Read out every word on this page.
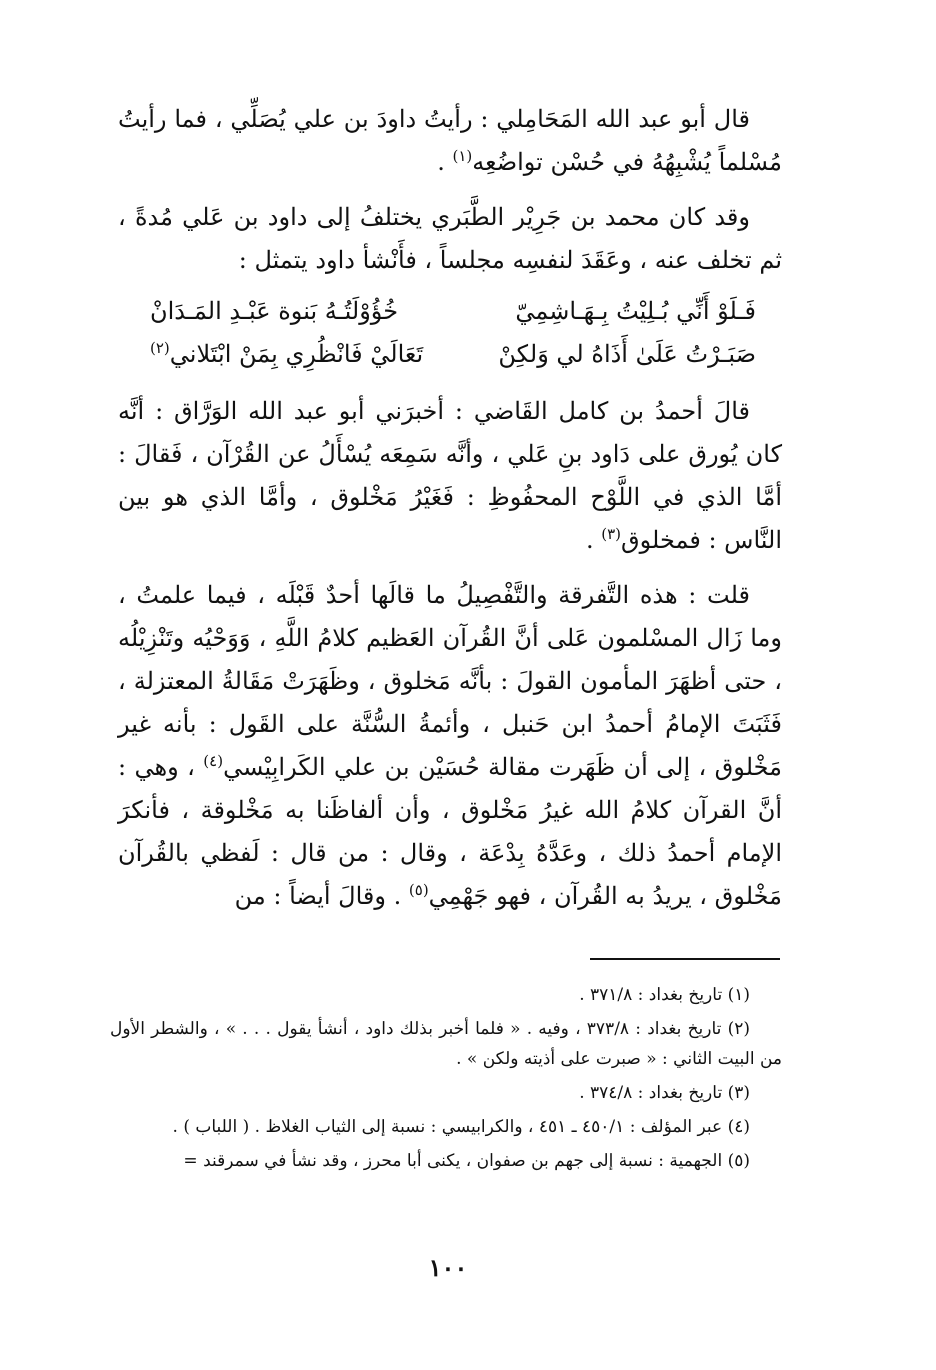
قال أبو عبد الله المَحَامِلي : رأيتُ داودَ بن علي يُصَلِّي ، فما رأيتُ مُسْلماً يُشْبِهُهُ في حُسْن تواضُعِه$^{(١)}$ .

وقد كان محمد بن جَرِيْر الطَّبَري يختلفُ إلى داود بن عَلي مُدةً ، ثم تخلف عنه ، وعَقَدَ لنفسِه مجلساً ، فأَنْشأ داود يتمثل :

فَـلَوْ أَنِّي بُـلِيْتُ بِـهَـاشِمِيّ
خُؤُوْلَتُـهُ بَنوة عَبْـدِ المَـدَانْ
صَبَـرْتُ عَلَىٰ أَذَاهُ لي وَلكِنْ
تَعَالَيْ فَانْظُرِي بِمَنْ ابْتَلاني$^{(٢)}$

قالَ أحمدُ بن كامل القَاضي : أخبرَني أبو عبد الله الوَرَّاق : أنَّه كان يُورق على دَاود بنِ عَلي ، وأنَّه سَمِعَه يُسْأَلُ عن القُرْآن ، فَقالَ : أمَّا الذي في اللَّوْح المحفُوظِ : فَغَيْرُ مَخْلوق ، وأمَّا الذي هو بين النَّاس : فمخلوق$^{(٣)}$ .

قلت : هذه التَّفرقة والتَّفْصِيلُ ما قالَها أحدٌ قَبْلَه ، فيما علمتُ ، وما زَال المسْلمون عَلى أنَّ القُرآن العَظيم كلامُ اللَّهِ ، وَوَحْيُه وتَنْزِيْلُه ، حتى أظهَرَ المأمون القولَ : بأنَّه مَخلوق ، وظَهَرَتْ مَقَالةُ المعتزلة ، فَثَبَتَ الإمامُ أحمدُ ابن حَنبل ، وأئمةُ السُّنَّة على القَول : بأنه غير مَخْلوق ، إلى أن ظَهَرت مقالة حُسَيْن بن علي الكَرابِيْسي$^{(٤)}$ ، وهي : أنَّ القرآن كلامُ الله غيرُ مَخْلوق ، وأن ألفاظَنا به مَخْلوقة ، فأنكرَ الإمام أحمدُ ذلك ، وعَدَّهُ بِدْعَة ، وقال : من قال : لَفظي بالقُرآن مَخْلوق ، يريدُ به القُرآن ، فهو جَهْمِي$^{(٥)}$ . وقالَ أيضاً : من

(١) تاريخ بغداد : ٣٧١/٨ .

(٢) تاريخ بغداد : ٣٧٣/٨ ، وفيه . « فلما أخبر بذلك داود ، أنشأ يقول . . . » ، والشطر الأول من البيت الثاني : « صبرت على أذيته ولكن » .

(٣) تاريخ بغداد : ٣٧٤/٨ .

(٤) عبر المؤلف : ٤٥٠/١ ـ ٤٥١ ، والكرابيسي : نسبة إلى الثياب الغلاظ . ( اللباب ) .

(٥) الجهمية : نسبة إلى جهم بن صفوان ، يكنى أبا محرز ، وقد نشأ في سمرقند =

١٠٠
